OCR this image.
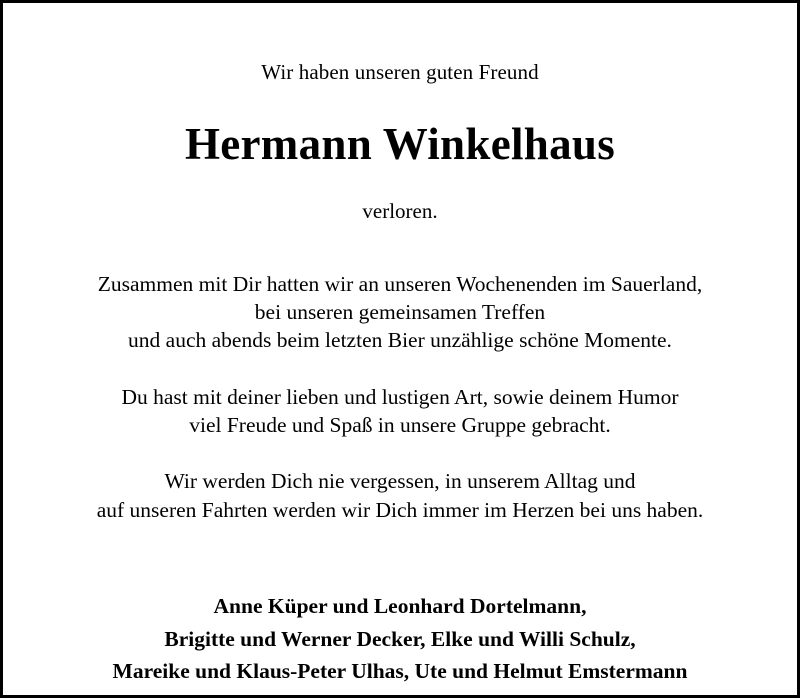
Wir haben unseren guten Freund
Hermann Winkelhaus
verloren.

Zusammen mit Dir hatten wir an unseren Wochenenden im Sauerland,

bei unseren gemeinsamen Treffen

und auch abends beim letzten Bier unzählige schöne Momente.

Du hast mit deiner lieben und lustigen Art, sowie deinem Humor

viel Freude und Spaß in unsere Gruppe gebracht.

Wir werden Dich nie vergessen, in unserem Alltag und

auf unseren Fahrten werden wir Dich immer im Herzen bei uns haben.

Anne Küper und Leonhard Dortelmann,

Brigitte und Werner Decker, Elke und Willi Schulz,

Mareike und Klaus-Peter Ulhas, Ute und Helmut Emstermann
